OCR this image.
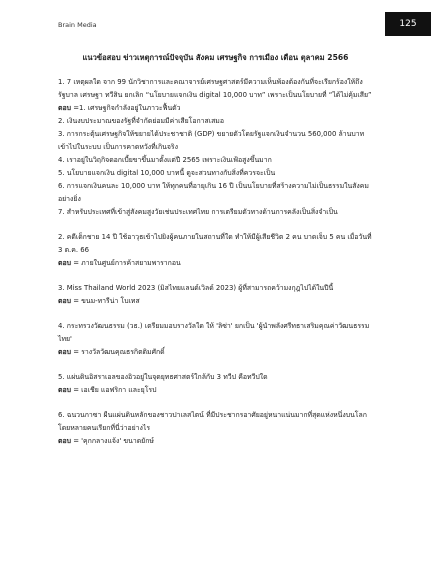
Brain Media	125
แนวข้อสอบ ข่าวเหตุการณ์ปัจจุบัน สังคม เศรษฐกิจ การเมือง เดือน ตุลาคม 2566

1. 7 เหตุผลใด จาก 99 นักวิชาการและคณาจารย์เศรษฐศาสตร์มีความเห็นพ้องต้องกันที่จะเรียกร้องให้ถึง รัฐบาล เศรษฐา ทวีสิน ยกเลิก “นโยบายแจกเงิน digital 10,000 บาท” เพราะเป็นนโยบายที่ “ได้ไม่คุ้มเสีย”

ตอบ =1. เศรษฐกิจกำลังอยู่ในภาวะฟื้นตัว

2. เงินงบประมาณของรัฐที่จำกัดย่อมมีค่าเสียโอกาสเสมอ

3. การกระตุ้นเศรษฐกิจให้ขยายได้ประชาชาติ (GDP) ขยายตัวโดยรัฐแจกเงินจำนวน 560,000 ล้านบาทเข้าไปในระบบ เป็นการคาดหวังที่เกินจริง

4. เราอยู่ในวิฤกิจดอกเบี้ยขาขึ้นมาตั้งแต่ปี 2565 เพราะเงินเฟ้อสูงขึ้นมาก

5. นโยบายแจกเงิน digital 10,000 บาทนี้ ดูจะสวนทางกับสิ่งที่ควรจะเป็น

6. การแจกเงินคนละ 10,000 บาท ให้ทุกคนที่อายุเกิน 16 ปี เป็นนโยบายที่สร้างความไม่เป็นธรรมในสังคมอย่างยิ่ง

7. สำหรับประเทศที่เข้าสู่สังคมสูงวัยเช่นประเทศไทย การเตรียมตัวทางด้านการคลังเป็นสิ่งจำเป็น

2. คดีเด็กชาย 14 ปี ใช้อาวุธเข้าไปยิงผู้คนภายในสถานที่ใด ทำให้มีผู้เสียชีวิต 2 คน บาดเจ็บ 5 คน เมื่อวันที่ 3 ต.ค. 66

ตอบ = ภายในศูนย์การค้าสยามพารากอน

3. Miss Thailand World 2023 (มิสไทยแลนด์เวิลด์ 2023) ผู้ที่สามารถคว้ามงกุฎไปได้ในปีนี้

ตอบ = ขนม-ทารีน่า โบเทส

4. กระทรวงวัฒนธรรม (วธ.) เตรียมมอบรางวัลใด ให้ 'ลิซ่า' ยกเป็น 'ผู้นำพลังศรีทธาเสริมคุณค่าวัฒนธรรมไทย'

ตอบ = รางวัลวัฒนคุณธรกิตติมศักดิ์

5. แผ่นดินอิสราเอลของอิวอยู่ในจุดยุทธศาสตร์ใกล้กับ 3 ทวีป คือทวีปใด

ตอบ = เอเชีย แอฟริกา และยุโรป

6. ฉนวนกาซา ผืนแผ่นดินหลักของชาวปาเลสไตน์ ที่มีประชากรอาศัยอยู่หนาแน่นมากที่สุดแห่งหนึ่งบนโลก โดยหลายคนเรียกที่นี่ว่าอย่างไร

ตอบ = 'คุกกลางแจ้ง' ขนาดยักษ์
